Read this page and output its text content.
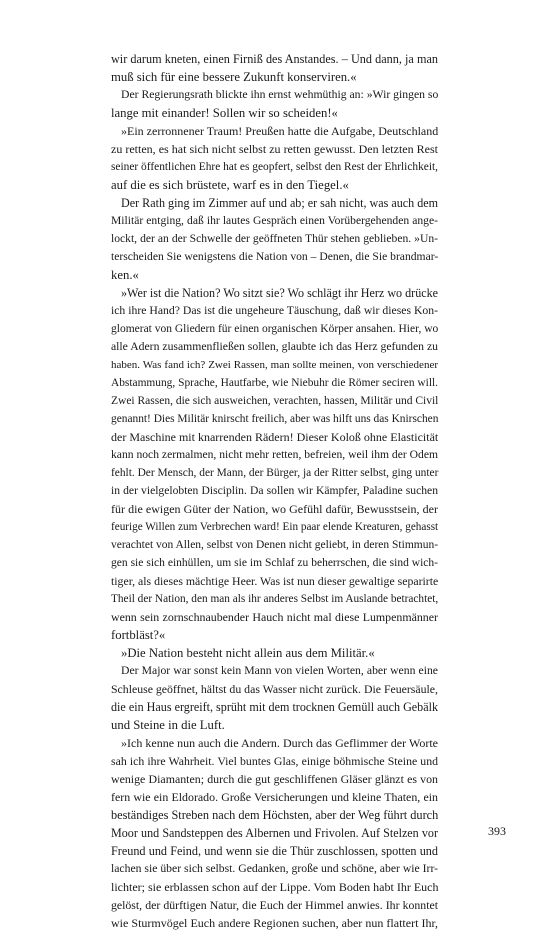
wir darum kneten, einen Firniß des Anstandes. – Und dann, ja man
muß sich für eine bessere Zukunft konserviren.«
Der Regierungsrath blickte ihn ernst wehmüthig an: »Wir gingen so
lange mit einander! Sollen wir so scheiden!«
»Ein zerronnener Traum! Preußen hatte die Aufgabe, Deutschland
zu retten, es hat sich nicht selbst zu retten gewusst. Den letzten Rest
seiner öffentlichen Ehre hat es geopfert, selbst den Rest der Ehrlichkeit,
auf die es sich brüstete, warf es in den Tiegel.«
Der Rath ging im Zimmer auf und ab; er sah nicht, was auch dem
Militär entging, daß ihr lautes Gespräch einen Vorübergehenden ange-
lockt, der an der Schwelle der geöffneten Thür stehen geblieben. »Un-
terscheiden Sie wenigstens die Nation von – Denen, die Sie brandmar-
ken.«
»Wer ist die Nation? Wo sitzt sie? Wo schlägt ihr Herz wo drücke
ich ihre Hand? Das ist die ungeheure Täuschung, daß wir dieses Kon-
glomerat von Gliedern für einen organischen Körper ansahen. Hier, wo
alle Adern zusammenfließen sollen, glaubte ich das Herz gefunden zu
haben. Was fand ich? Zwei Rassen, man sollte meinen, von verschiedener
Abstammung, Sprache, Hautfarbe, wie Niebuhr die Römer seciren will.
Zwei Rassen, die sich ausweichen, verachten, hassen, Militär und Civil
genannt! Dies Militär knirscht freilich, aber was hilft uns das Knirschen
der Maschine mit knarrenden Rädern! Dieser Koloß ohne Elasticität
kann noch zermalmen, nicht mehr retten, befreien, weil ihm der Odem
fehlt. Der Mensch, der Mann, der Bürger, ja der Ritter selbst, ging unter
in der vielgelobten Disciplin. Da sollen wir Kämpfer, Paladine suchen
für die ewigen Güter der Nation, wo Gefühl dafür, Bewusstsein, der
feurige Willen zum Verbrechen ward! Ein paar elende Kreaturen, gehasst
verachtet von Allen, selbst von Denen nicht geliebt, in deren Stimmun-
gen sie sich einhüllen, um sie im Schlaf zu beherrschen, die sind wich-
tiger, als dieses mächtige Heer. Was ist nun dieser gewaltige separirte
Theil der Nation, den man als ihr anderes Selbst im Auslande betrachtet,
wenn sein zornschnaubender Hauch nicht mal diese Lumpenmänner
fortbläst?«
»Die Nation besteht nicht allein aus dem Militär.«
Der Major war sonst kein Mann von vielen Worten, aber wenn eine
Schleuse geöffnet, hältst du das Wasser nicht zurück. Die Feuersäule,
die ein Haus ergreift, sprüht mit dem trocknen Gemüll auch Gebälk
und Steine in die Luft.
»Ich kenne nun auch die Andern. Durch das Geflimmer der Worte
sah ich ihre Wahrheit. Viel buntes Glas, einige böhmische Steine und
wenige Diamanten; durch die gut geschliffenen Gläser glänzt es von
fern wie ein Eldorado. Große Versicherungen und kleine Thaten, ein
beständiges Streben nach dem Höchsten, aber der Weg führt durch
Moor und Sandsteppen des Albernen und Frivolen. Auf Stelzen vor
Freund und Feind, und wenn sie die Thür zuschlossen, spotten und
lachen sie über sich selbst. Gedanken, große und schöne, aber wie Irr-
lichter; sie erblassen schon auf der Lippe. Vom Boden habt Ihr Euch
gelöst, der dürftigen Natur, die Euch der Himmel anwies. Ihr konntet
wie Sturmvögel Euch andere Regionen suchen, aber nun flattert Ihr,
393
